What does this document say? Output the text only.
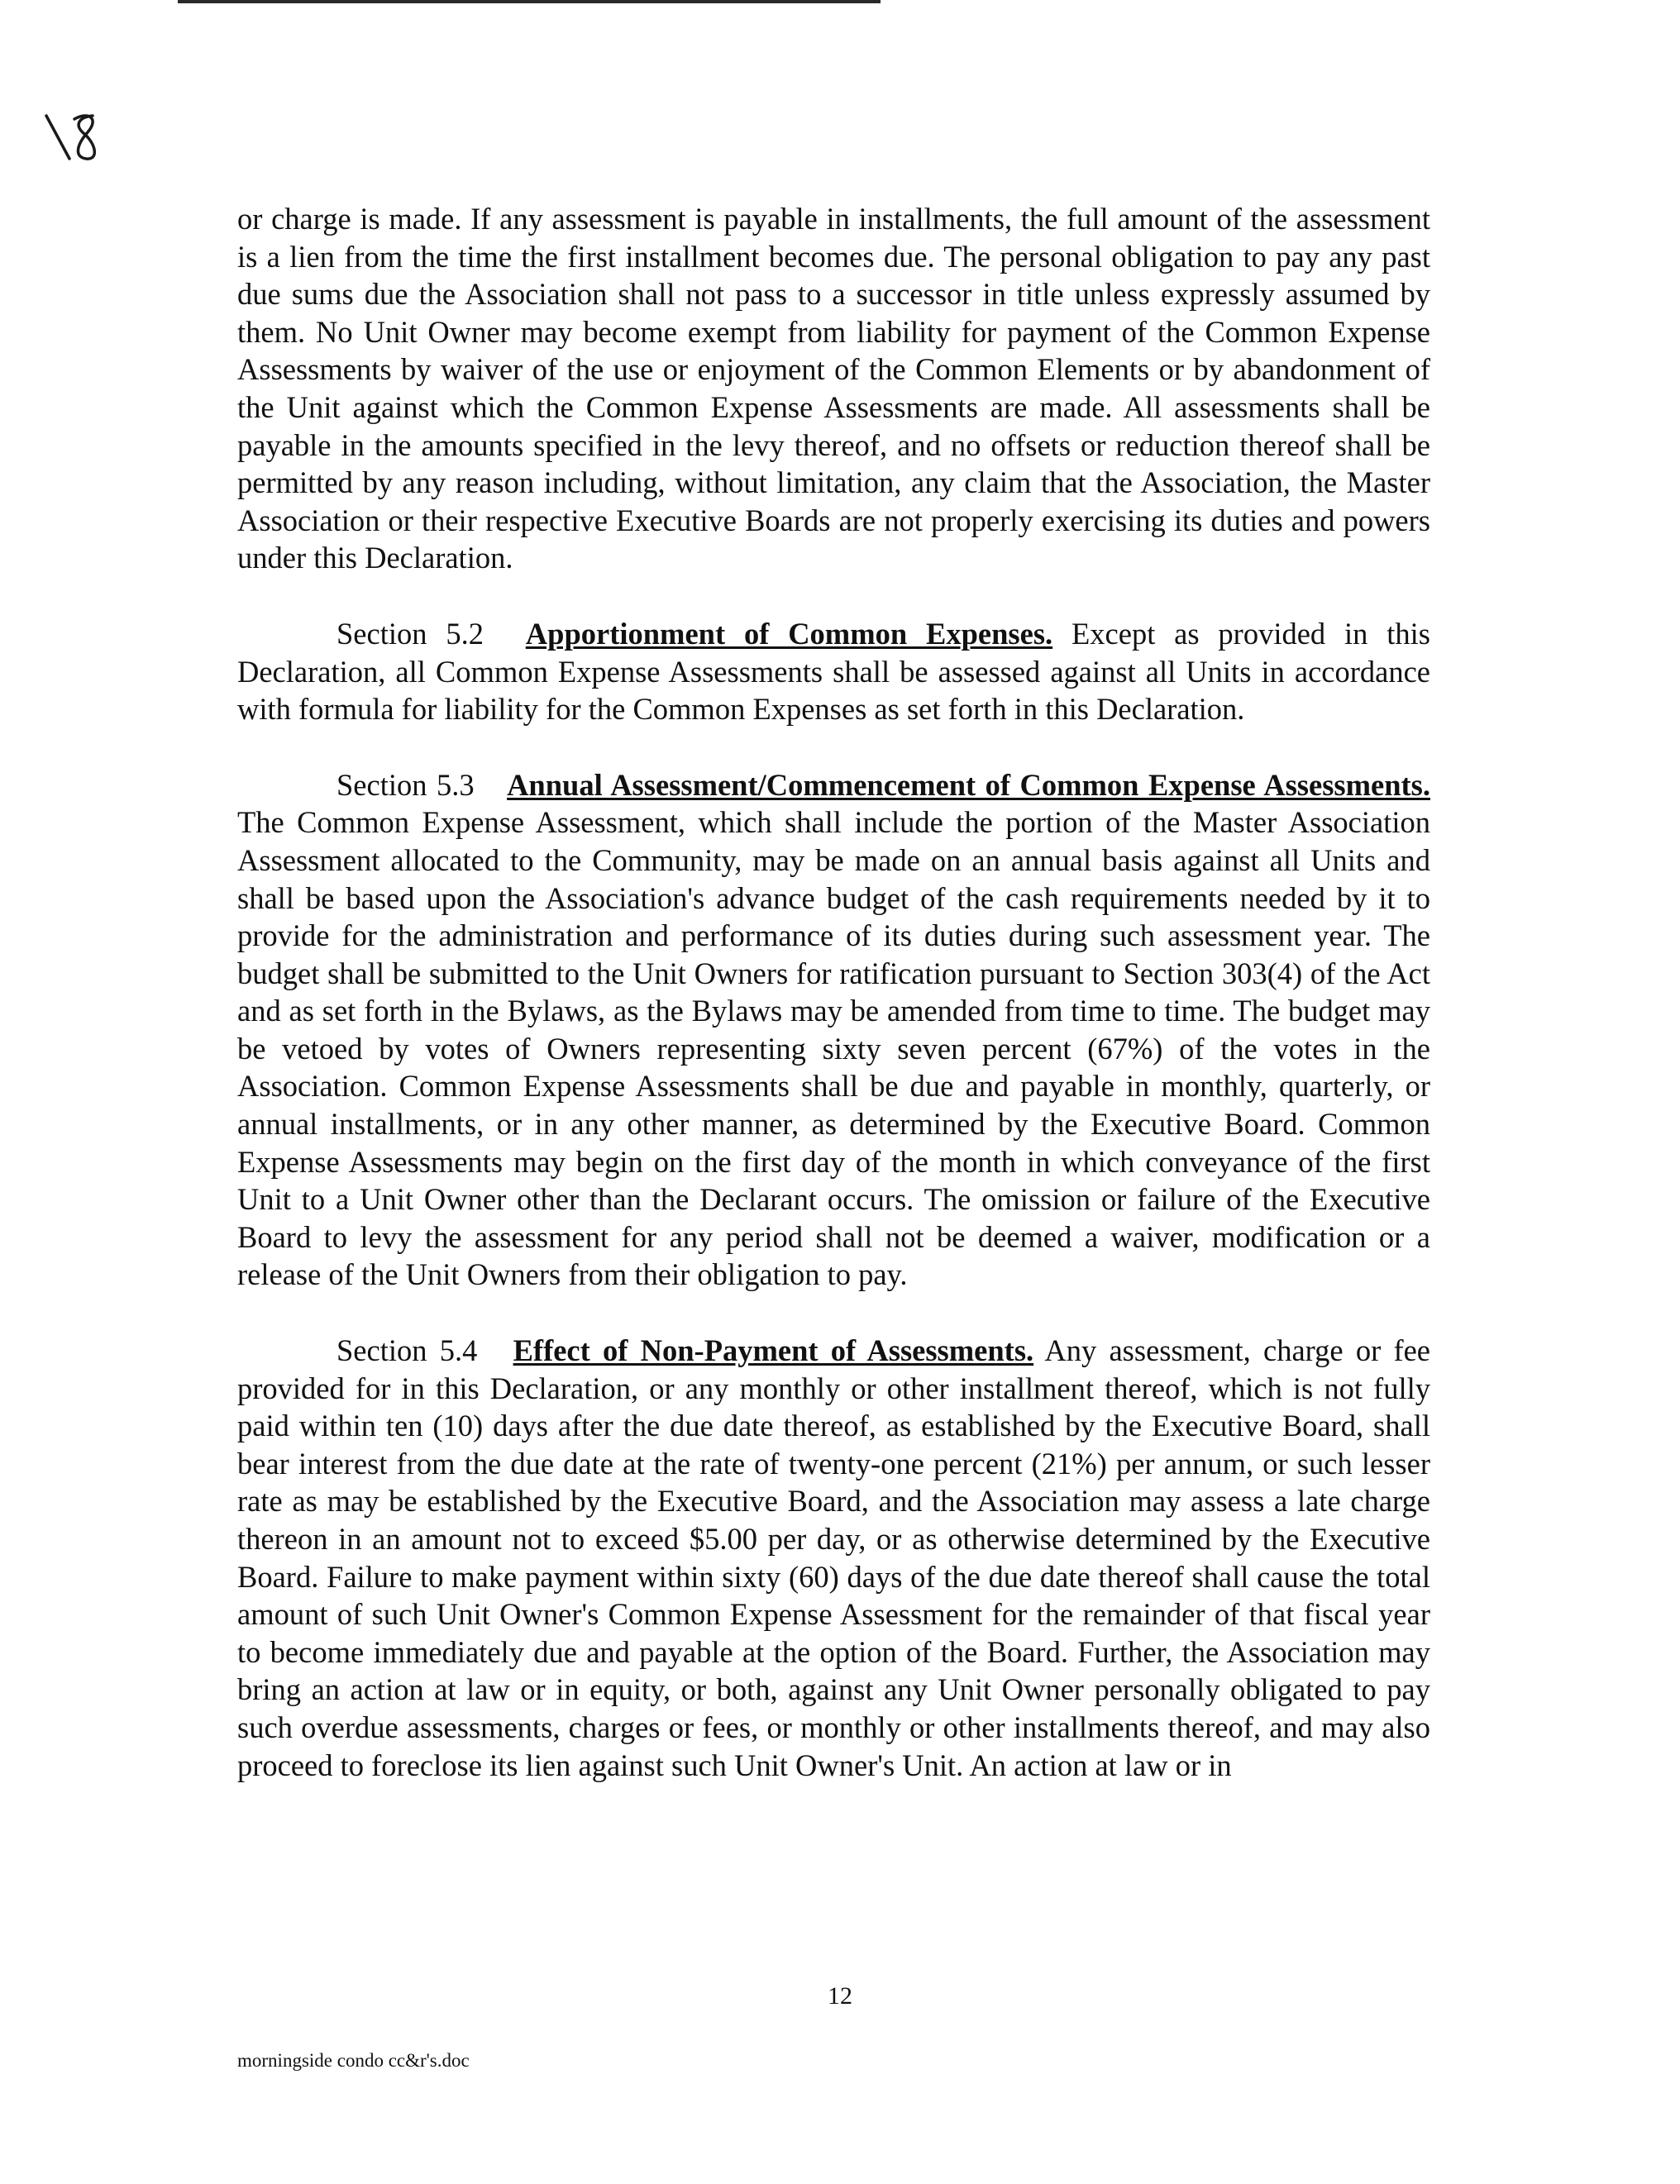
or charge is made. If any assessment is payable in installments, the full amount of the assessment is a lien from the time the first installment becomes due. The personal obligation to pay any past due sums due the Association shall not pass to a successor in title unless expressly assumed by them. No Unit Owner may become exempt from liability for payment of the Common Expense Assessments by waiver of the use or enjoyment of the Common Elements or by abandonment of the Unit against which the Common Expense Assessments are made. All assessments shall be payable in the amounts specified in the levy thereof, and no offsets or reduction thereof shall be permitted by any reason including, without limitation, any claim that the Association, the Master Association or their respective Executive Boards are not properly exercising its duties and powers under this Declaration.

Section 5.2 Apportionment of Common Expenses. Except as provided in this Declaration, all Common Expense Assessments shall be assessed against all Units in accordance with formula for liability for the Common Expenses as set forth in this Declaration.

Section 5.3 Annual Assessment/Commencement of Common Expense Assessments. The Common Expense Assessment, which shall include the portion of the Master Association Assessment allocated to the Community, may be made on an annual basis against all Units and shall be based upon the Association's advance budget of the cash requirements needed by it to provide for the administration and performance of its duties during such assessment year. The budget shall be submitted to the Unit Owners for ratification pursuant to Section 303(4) of the Act and as set forth in the Bylaws, as the Bylaws may be amended from time to time. The budget may be vetoed by votes of Owners representing sixty seven percent (67%) of the votes in the Association. Common Expense Assessments shall be due and payable in monthly, quarterly, or annual installments, or in any other manner, as determined by the Executive Board. Common Expense Assessments may begin on the first day of the month in which conveyance of the first Unit to a Unit Owner other than the Declarant occurs. The omission or failure of the Executive Board to levy the assessment for any period shall not be deemed a waiver, modification or a release of the Unit Owners from their obligation to pay.

Section 5.4 Effect of Non-Payment of Assessments. Any assessment, charge or fee provided for in this Declaration, or any monthly or other installment thereof, which is not fully paid within ten (10) days after the due date thereof, as established by the Executive Board, shall bear interest from the due date at the rate of twenty-one percent (21%) per annum, or such lesser rate as may be established by the Executive Board, and the Association may assess a late charge thereon in an amount not to exceed $5.00 per day, or as otherwise determined by the Executive Board. Failure to make payment within sixty (60) days of the due date thereof shall cause the total amount of such Unit Owner's Common Expense Assessment for the remainder of that fiscal year to become immediately due and payable at the option of the Board. Further, the Association may bring an action at law or in equity, or both, against any Unit Owner personally obligated to pay such overdue assessments, charges or fees, or monthly or other installments thereof, and may also proceed to foreclose its lien against such Unit Owner's Unit. An action at law or in

12
morningside condo cc&r's.doc
